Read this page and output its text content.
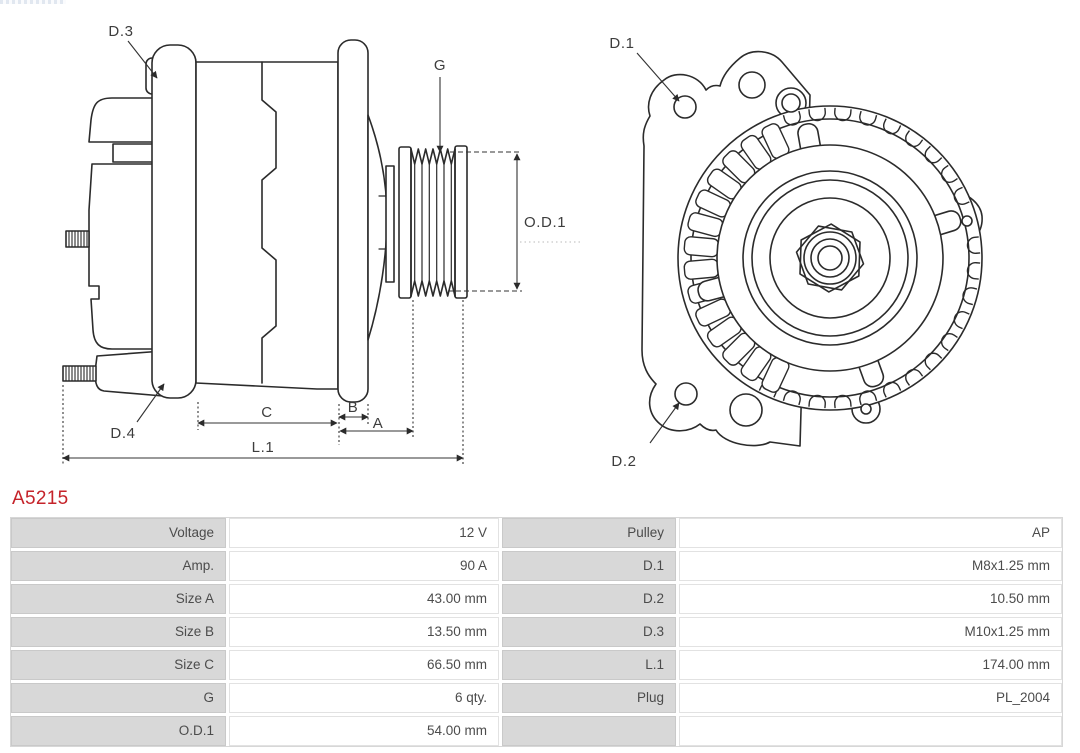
D.3
G
O.D.1
D.4
C	B
A
L.1
D.1
D.2
A5215
Voltage	12 V	Pulley	AP
Amp.	90 A	D.1	M8x1.25 mm
Size A	43.00 mm	D.2	10.50 mm
Size B	13.50 mm	D.3	M10x1.25 mm
Size C	66.50 mm	L.1	174.00 mm
G	6 qty.	Plug	PL_2004
O.D.1	54.00 mm
